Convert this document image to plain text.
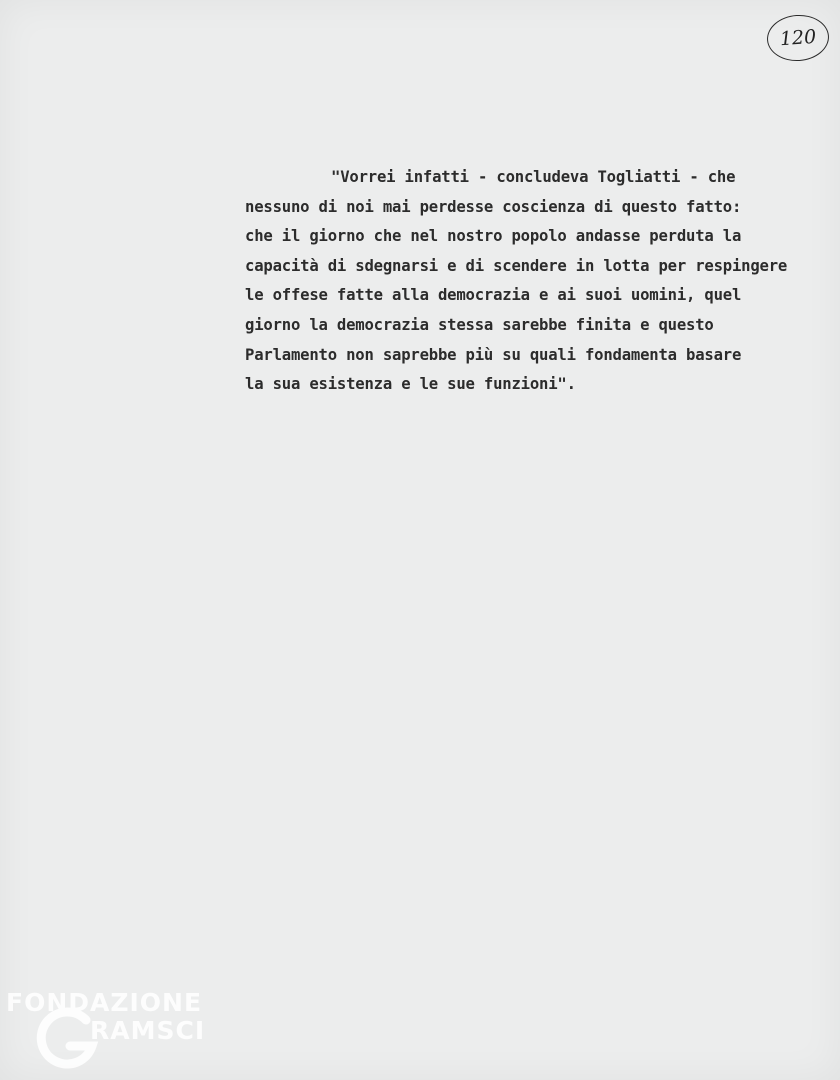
120

"Vorrei infatti - concludeva Togliatti - che

nessuno di noi mai perdesse coscienza di questo fatto:

che il giorno che nel nostro popolo andasse perduta la

capacità di sdegnarsi e di scendere in lotta per respingere

le offese fatte alla democrazia e ai suoi uomini, quel

giorno la democrazia stessa sarebbe finita e questo

Parlamento non saprebbe più su quali fondamenta basare

la sua esistenza e le sue funzioni".

FONDAZIONE
RAMSCI
